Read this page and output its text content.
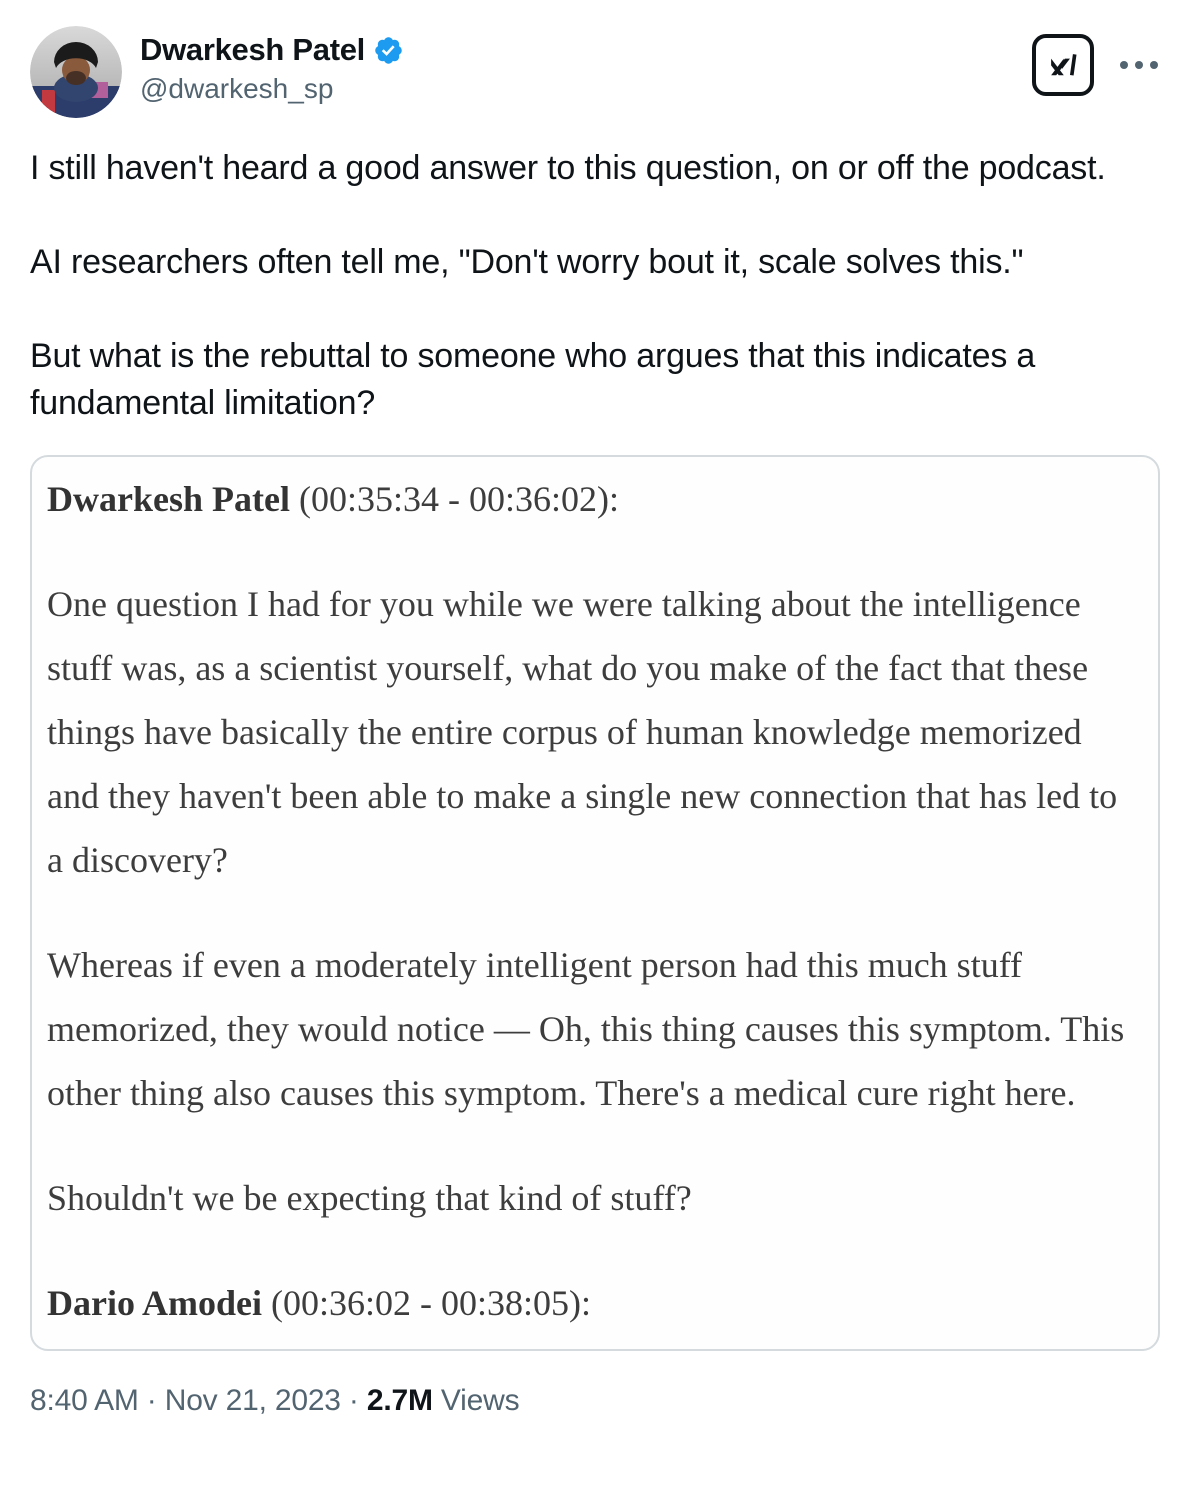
Dwarkesh Patel
@dwarkesh_sp

I still haven't heard a good answer to this question, on or off the podcast.

AI researchers often tell me, "Don't worry bout it, scale solves this."

But what is the rebuttal to someone who argues that this indicates a fundamental limitation?

Dwarkesh Patel (00:35:34 - 00:36:02):

One question I had for you while we were talking about the intelligence stuff was, as a scientist yourself, what do you make of the fact that these things have basically the entire corpus of human knowledge memorized and they haven't been able to make a single new connection that has led to a discovery?

Whereas if even a moderately intelligent person had this much stuff memorized, they would notice — Oh, this thing causes this symptom. This other thing also causes this symptom. There's a medical cure right here.

Shouldn't we be expecting that kind of stuff?

Dario Amodei (00:36:02 - 00:38:05):

8:40 AM · Nov 21, 2023 · 2.7M Views
